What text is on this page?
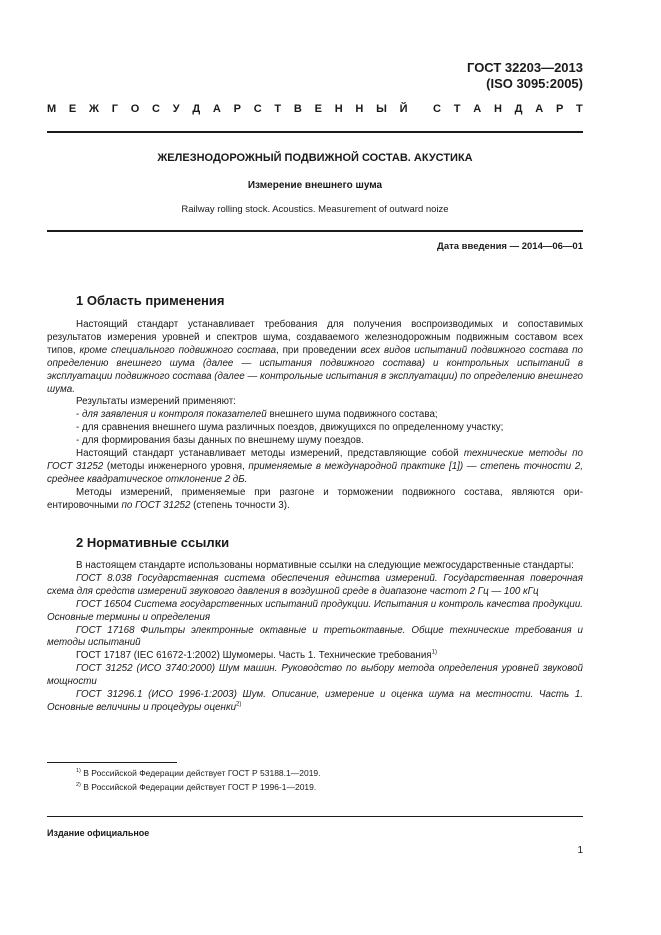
ГОСТ 32203—2013
(ISO 3095:2005)
М Е Ж Г О С У Д А Р С Т В Е Н Н Ы Й С Т А Н Д А Р Т
ЖЕЛЕЗНОДОРОЖНЫЙ ПОДВИЖНОЙ СОСТАВ. АКУСТИКА
Измерение внешнего шума
Railway rolling stock. Acoustics. Measurement of outward noize
Дата введения — 2014—06—01
1 Область применения

Настоящий стандарт устанавливает требования для получения воспроизводимых и сопоставимых результатов измерения уровней и спектров шума, создаваемого железнодорожным подвижным составом всех типов, кроме специального подвижного состава, при проведении всех видов испытаний подвижного состава по определению внешнего шума (далее — испытания подвижного состава) и контрольных испытаний в эксплуатации подвижного состава (далее — контрольные испытания в эксплуатации) по определению внешнего шума.

Результаты измерений применяют:

- для заявления и контроля показателей внешнего шума подвижного состава;

- для сравнения внешнего шума различных поездов, движущихся по определенному участку;

- для формирования базы данных по внешнему шуму поездов.

Настоящий стандарт устанавливает методы измерений, представляющие собой технические методы по ГОСТ 31252 (методы инженерного уровня, применяемые в международной практике [1]) — степень точности 2, среднее квадратическое отклонение 2 дБ.

Методы измерений, применяемые при разгоне и торможении подвижного состава, являются ориентировочными по ГОСТ 31252 (степень точности 3).

2 Нормативные ссылки

В настоящем стандарте использованы нормативные ссылки на следующие межгосударственные стандарты:

ГОСТ 8.038 Государственная система обеспечения единства измерений. Государственная поверочная схема для средств измерений звукового давления в воздушной среде в диапазоне частот 2 Гц — 100 кГц

ГОСТ 16504 Система государственных испытаний продукции. Испытания и контроль качества продукции. Основные термины и определения

ГОСТ 17168 Фильтры электронные октавные и третьоктавные. Общие технические требования и методы испытаний

ГОСТ 17187 (IEC 61672-1:2002) Шумомеры. Часть 1. Технические требования$^{1)}$

ГОСТ 31252 (ИСО 3740:2000) Шум машин. Руководство по выбору метода определения уровней звуковой мощности

ГОСТ 31296.1 (ИСО 1996-1:2003) Шум. Описание, измерение и оценка шума на местности. Часть 1. Основные величины и процедуры оценки$^{2)}$

$^{1)}$ В Российской Федерации действует ГОСТ Р 53188.1—2019.
$^{2)}$ В Российской Федерации действует ГОСТ Р 1996-1—2019.
Издание официальное
1
